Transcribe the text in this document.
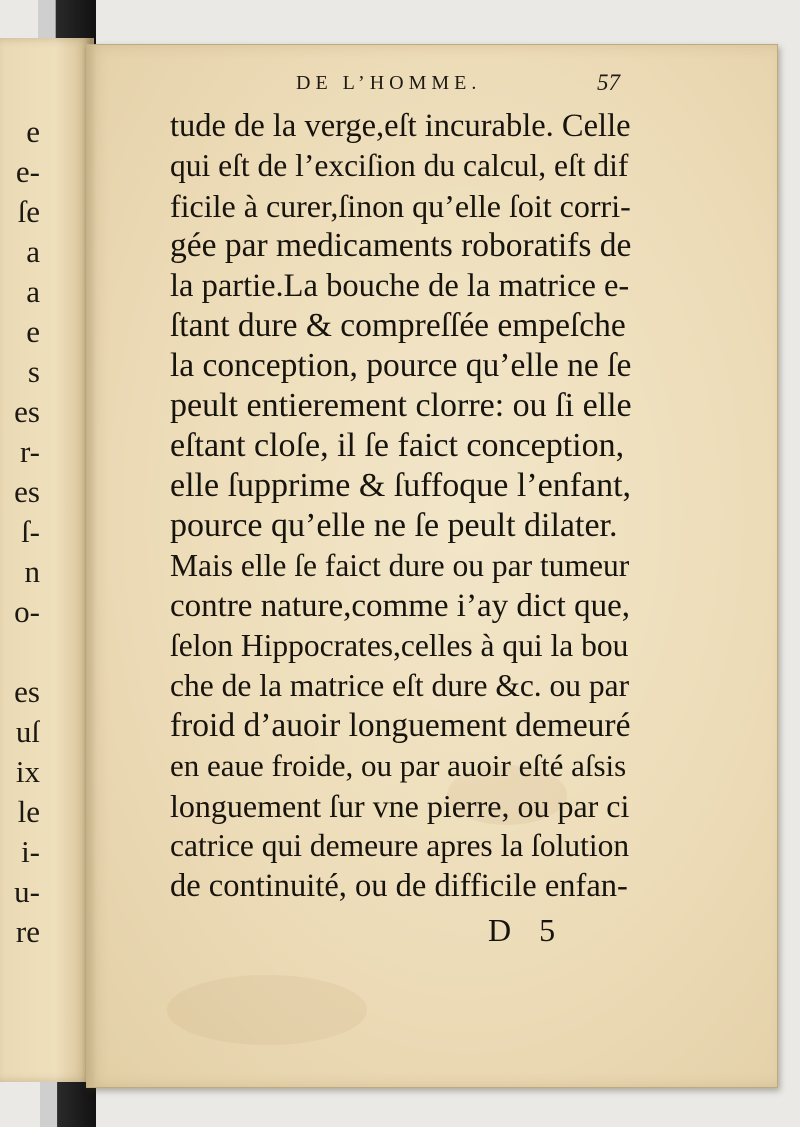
e
e-
ſe
a
a
e
s
es
r-
es
ſ-
n
o-
es
uſ
ix
le
i-
u-
re
DE L’HOMME.	57
tude de la verge,eſt incurable. Celle
qui eſt de l’exciſion du calcul, eſt dif
ficile à curer,ſinon qu’elle ſoit corri-
gée par medicaments roboratifs de
la partie.La bouche de la matrice e-
ſtant dure & compreſſée empeſche
la conception, pource qu’elle ne ſe
peult entierement clorre: ou ſi elle
eſtant cloſe, il ſe faict conception,
elle ſupprime & ſuffoque l’enfant,
pource qu’elle ne ſe peult dilater.
Mais elle ſe faict dure ou par tumeur
contre nature,comme i’ay dict que,
ſelon Hippocrates,celles à qui la bou
che de la matrice eſt dure &c. ou par
froid d’auoir longuement demeuré
en eaue froide, ou par auoir eſté aſsis
longuement ſur vne pierre, ou par ci
catrice qui demeure apres la ſolution
de continuité, ou de difficile enfan-
D 5
